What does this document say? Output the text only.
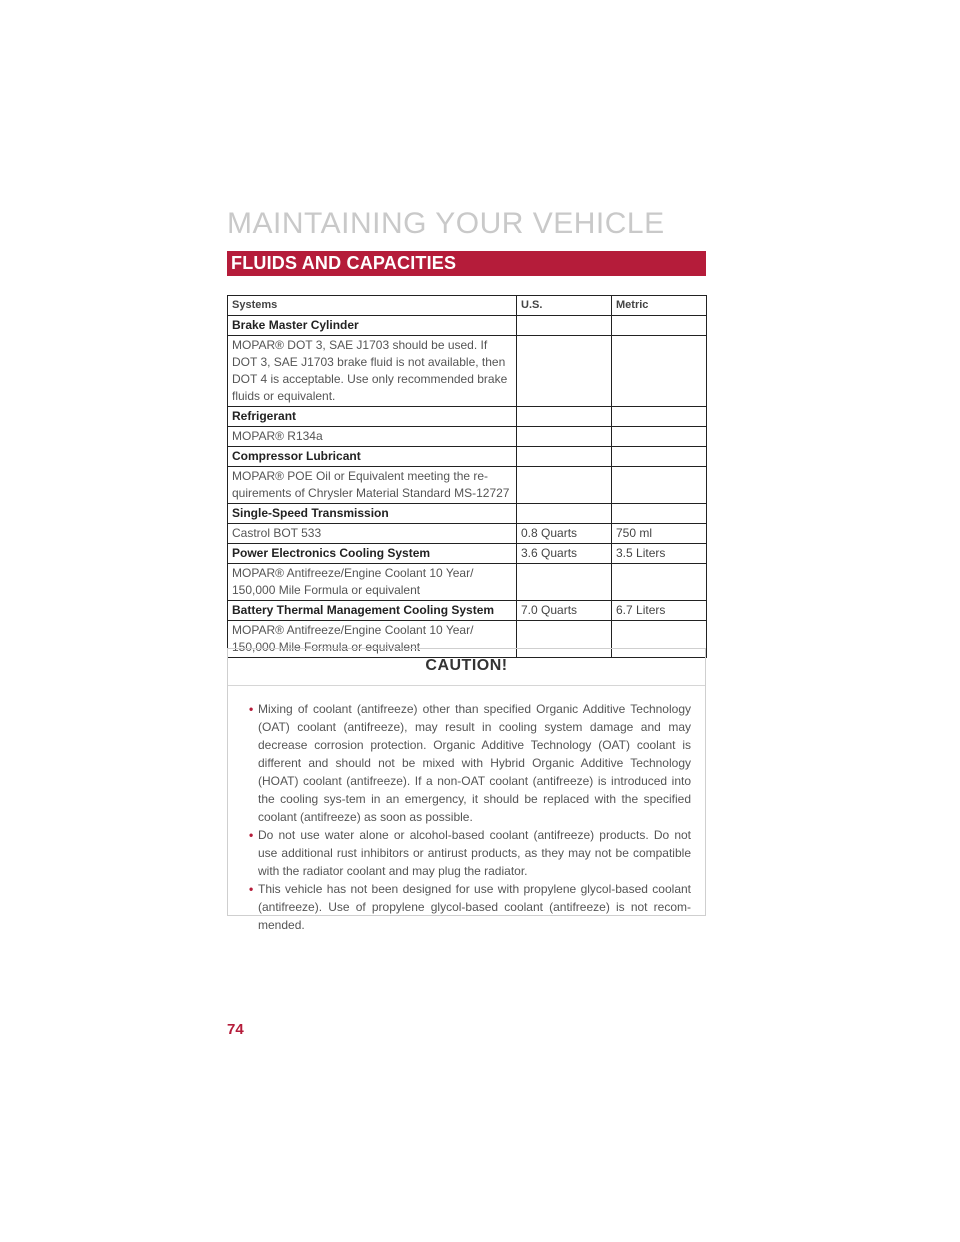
MAINTAINING YOUR VEHICLE
FLUIDS AND CAPACITIES
Systems	U.S.	Metric
Brake Master Cylinder		
MOPAR® DOT 3, SAE J1703 should be used. If DOT 3, SAE J1703 brake fluid is not available, then DOT 4 is acceptable. Use only recommended brake fluids or equivalent.		
Refrigerant		
MOPAR® R134a		
Compressor Lubricant		
MOPAR® POE Oil or Equivalent meeting the re-quirements of Chrysler Material Standard MS-12727		
Single-Speed Transmission		
Castrol BOT 533	0.8 Quarts	750 ml
Power Electronics Cooling System	3.6 Quarts	3.5 Liters
MOPAR® Antifreeze/Engine Coolant 10 Year/ 150,000 Mile Formula or equivalent		
Battery Thermal Management Cooling System	7.0 Quarts	6.7 Liters
MOPAR® Antifreeze/Engine Coolant 10 Year/ 150,000 Mile Formula or equivalent		
CAUTION!
• Mixing of coolant (antifreeze) other than specified Organic Additive Technology (OAT) coolant (antifreeze), may result in cooling system damage and may decrease corrosion protection. Organic Additive Technology (OAT) coolant is different and should not be mixed with Hybrid Organic Additive Technology (HOAT) coolant (antifreeze). If a non-OAT coolant (antifreeze) is introduced into the cooling sys-tem in an emergency, it should be replaced with the specified coolant (antifreeze) as soon as possible.
• Do not use water alone or alcohol-based coolant (antifreeze) products. Do not use additional rust inhibitors or antirust products, as they may not be compatible with the radiator coolant and may plug the radiator.
• This vehicle has not been designed for use with propylene glycol-based coolant (antifreeze). Use of propylene glycol-based coolant (antifreeze) is not recom-mended.
74
